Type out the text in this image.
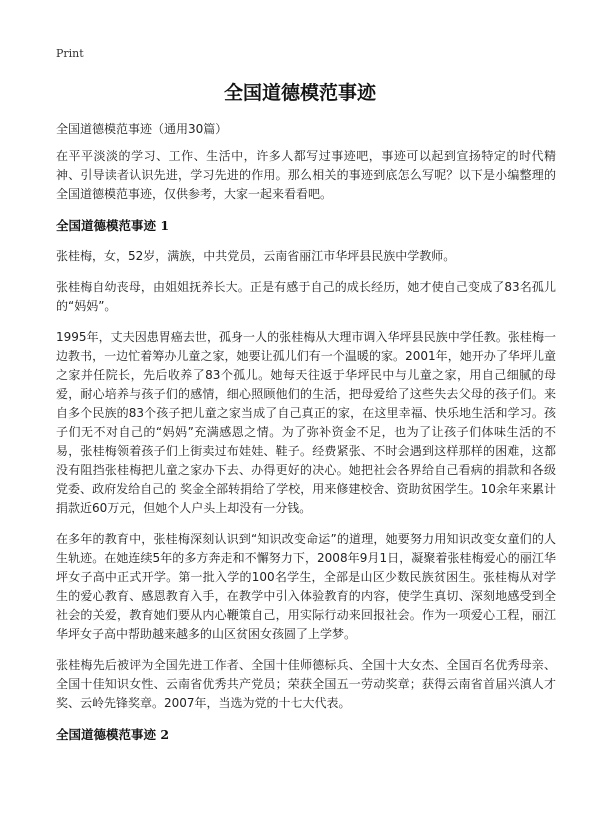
Print
全国道德模范事迹

全国道德模范事迹（通用30篇）

在平平淡淡的学习、工作、生活中，许多人都写过事迹吧，事迹可以起到宣扬特定的时代精神、引导读者认识先进，学习先进的作用。那么相关的事迹到底怎么写呢？以下是小编整理的全国道德模范事迹，仅供参考，大家一起来看看吧。

全国道德模范事迹 1

张桂梅，女，52岁，满族，中共党员，云南省丽江市华坪县民族中学教师。

张桂梅自幼丧母，由姐姐抚养长大。正是有感于自己的成长经历，她才使自己变成了83名孤儿的“妈妈”。

1995年，丈夫因患胃癌去世，孤身一人的张桂梅从大理市调入华坪县民族中学任教。张桂梅一边教书，一边忙着筹办儿童之家，她要让孤儿们有一个温暖的家。2001年，她开办了华坪儿童之家并任院长，先后收养了83个孤儿。她每天往返于华坪民中与儿童之家，用自己细腻的母爱，耐心培养与孩子们的感情，细心照顾他们的生活，把母爱给了这些失去父母的孩子们。来自多个民族的83个孩子把儿童之家当成了自己真正的家，在这里幸福、快乐地生活和学习。孩子们无不对自己的“妈妈”充满感恩之情。为了弥补资金不足，也为了让孩子们体味生活的不易，张桂梅领着孩子们上街卖过布娃娃、鞋子。经费紧张、不时会遇到这样那样的困难，这都没有阻挡张桂梅把儿童之家办下去、办得更好的决心。她把社会各界给自己看病的捐款和各级党委、政府发给自己的 奖金全部转捐给了学校，用来修建校舍、资助贫困学生。10余年来累计捐款近60万元，但她个人户头上却没有一分钱。

在多年的教育中，张桂梅深刻认识到“知识改变命运”的道理，她要努力用知识改变女童们的人生轨迹。在她连续5年的多方奔走和不懈努力下，2008年9月1日，凝聚着张桂梅爱心的丽江华坪女子高中正式开学。第一批入学的100名学生，全部是山区少数民族贫困生。张桂梅从对学生的爱心教育、感恩教育入手，在教学中引入体验教育的内容，使学生真切、深刻地感受到全社会的关爱，教育她们要从内心鞭策自己，用实际行动来回报社会。作为一项爱心工程，丽江华坪女子高中帮助越来越多的山区贫困女孩圆了上学梦。

张桂梅先后被评为全国先进工作者、全国十佳师德标兵、全国十大女杰、全国百名优秀母亲、全国十佳知识女性、云南省优秀共产党员；荣获全国五一劳动奖章；获得云南省首届兴滇人才奖、云岭先锋奖章。2007年，当选为党的十七大代表。

全国道德模范事迹 2
